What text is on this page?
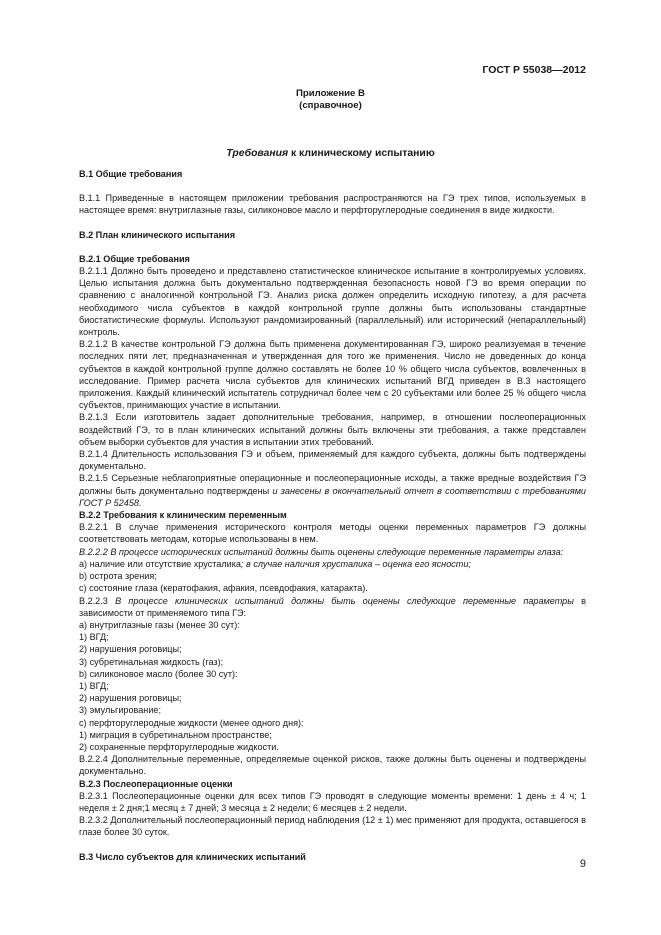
ГОСТ Р 55038—2012
Приложение В
(справочное)
Требования к клиническому испытанию

В.1 Общие требования

В.1.1 Приведенные в настоящем приложении требования распространяются на ГЭ трех типов, используемых в настоящее время: внутриглазные газы, силиконовое масло и перфторуглеродные соединения в виде жидкости.

В.2 План клинического испытания

В.2.1 Общие требования

В.2.1.1 Должно быть проведено и представлено статистическое клиническое испытание в контролируемых условиях. Целью испытания должна быть документально подтвержденная безопасность новой ГЭ во время операции по сравнению с аналогичной контрольной ГЭ. Анализ риска должен определить исходную гипотезу, а для расчета необходимого числа субъектов в каждой контрольной группе должны быть использованы стандартные биостатистические формулы. Используют рандомизированный (параллельный) или исторический (непараллельный) контроль.

В.2.1.2 В качестве контрольной ГЭ должна быть применена документированная ГЭ, широко реализуемая в течение последних пяти лет, предназначенная и утвержденная для того же применения. Число не доведенных до конца субъектов в каждой контрольной группе должно составлять не более 10 % общего числа субъектов, вовлеченных в исследование. Пример расчета числа субъектов для клинических испытаний ВГД приведен в В.3 настоящего приложения. Каждый клинический испытатель сотрудничал более чем с 20 субъектами или более 25 % общего числа субъектов, принимающих участие в испытании.

В.2.1.3 Если изготовитель задает дополнительные требования, например, в отношении послеоперационных воздействий ГЭ, то в план клинических испытаний должны быть включены эти требования, а также представлен объем выборки субъектов для участия в испытании этих требований.

В.2.1.4 Длительность использования ГЭ и объем, применяемый для каждого субъекта, должны быть подтверждены документально.

В.2.1.5 Серьезные неблагоприятные операционные и послеоперационные исходы, а также вредные воздействия ГЭ должны быть документально подтверждены и занесены в окончательный отчет в соответствии с требованиями ГОСТ Р 52458.

В.2.2 Требования к клиническим переменным

В.2.2.1 В случае применения исторического контроля методы оценки переменных параметров ГЭ должны соответствовать методам, которые использованы в нем.

В.2.2.2 В процессе исторических испытаний должны быть оценены следующие переменные параметры глаза:

а) наличие или отсутствие хрусталика; в случае наличия хрусталика – оценка его ясности;

b) острота зрения;

c) состояние глаза (кератофакия, афакия, псевдофакия, катаракта).

В.2.2.3 В процессе клинических испытаний должны быть оценены следующие переменные параметры в зависимости от применяемого типа ГЭ:

а) внутриглазные газы (менее 30 сут):

1) ВГД;

2) нарушения роговицы;

3) субретинальная жидкость (газ);

b) силиконовое масло (более 30 сут):

1) ВГД;

2) нарушения роговицы;

3) эмульгирование;

c) перфторуглеродные жидкости (менее одного дня):

1) миграция в субретинальном пространстве;

2) сохраненные перфторуглеродные жидкости.

В.2.2.4 Дополнительные переменные, определяемые оценкой рисков, также должны быть оценены и подтверждены документально.

В.2.3 Послеоперационные оценки

В.2.3.1 Послеоперационные оценки для всех типов ГЭ проводят в следующие моменты времени: 1 день ± 4 ч; 1 неделя ± 2 дня;1 месяц ± 7 дней; 3 месяца ± 2 недели; 6 месяцев ± 2 недели.

В.2.3.2 Дополнительный послеоперационный период наблюдения (12 ± 1) мес применяют для продукта, оставшегося в глазе более 30 суток.

В.3 Число субъектов для клинических испытаний

9
